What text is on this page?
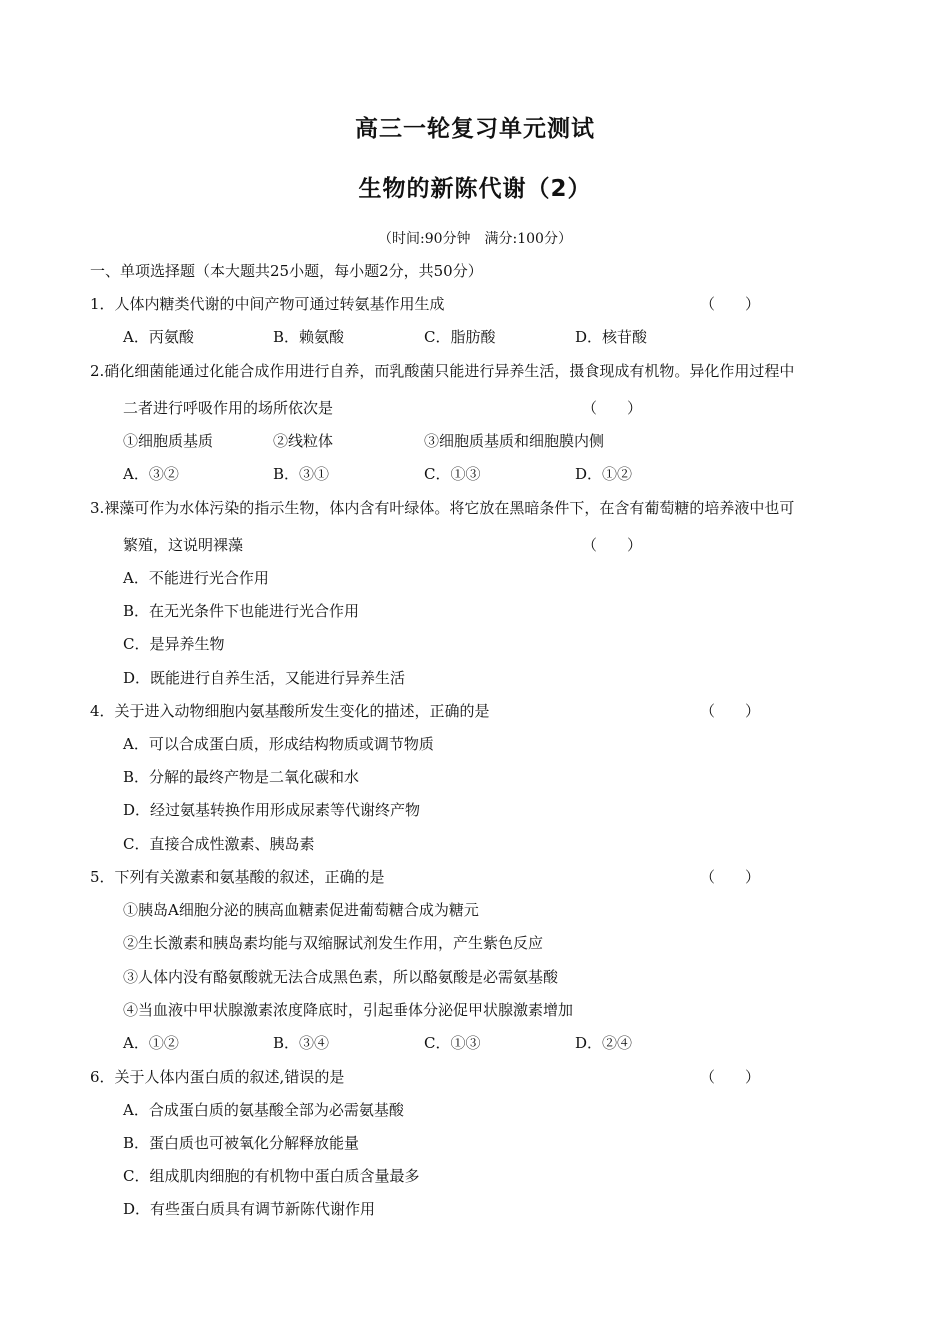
高三一轮复习单元测试
生物的新陈代谢（2）
（时间:90分钟　满分:100分）
一、单项选择题（本大题共25小题，每小题2分，共50分）
1．人体内糖类代谢的中间产物可通过转氨基作用生成	（　　）
A．丙氨酸	B．赖氨酸	C．脂肪酸	D．核苷酸
2.硝化细菌能通过化能合成作用进行自养，而乳酸菌只能进行异养生活，摄食现成有机物。异化作用过程中
二者进行呼吸作用的场所依次是	（　　）
①细胞质基质	②线粒体	③细胞质基质和细胞膜内侧
A．③②	B．③①	C．①③	D．①②
3.裸藻可作为水体污染的指示生物，体内含有叶绿体。将它放在黑暗条件下，在含有葡萄糖的培养液中也可
繁殖，这说明裸藻	（　　）
A．不能进行光合作用
B．在无光条件下也能进行光合作用
C．是异养生物
D．既能进行自养生活，又能进行异养生活
4．关于进入动物细胞内氨基酸所发生变化的描述，正确的是	（　　）
A．可以合成蛋白质，形成结构物质或调节物质
B．分解的最终产物是二氧化碳和水
D．经过氨基转换作用形成尿素等代谢终产物
C．直接合成性激素、胰岛素
5．下列有关激素和氨基酸的叙述，正确的是	（　　）
①胰岛A细胞分泌的胰高血糖素促进葡萄糖合成为糖元
②生长激素和胰岛素均能与双缩脲试剂发生作用，产生紫色反应
③人体内没有酪氨酸就无法合成黑色素，所以酪氨酸是必需氨基酸
④当血液中甲状腺激素浓度降底时，引起垂体分泌促甲状腺激素增加
A．①②	B．③④	C．①③	D．②④
6．关于人体内蛋白质的叙述,错误的是	（　　）
A．合成蛋白质的氨基酸全部为必需氨基酸
B．蛋白质也可被氧化分解释放能量
C．组成肌肉细胞的有机物中蛋白质含量最多
D．有些蛋白质具有调节新陈代谢作用
